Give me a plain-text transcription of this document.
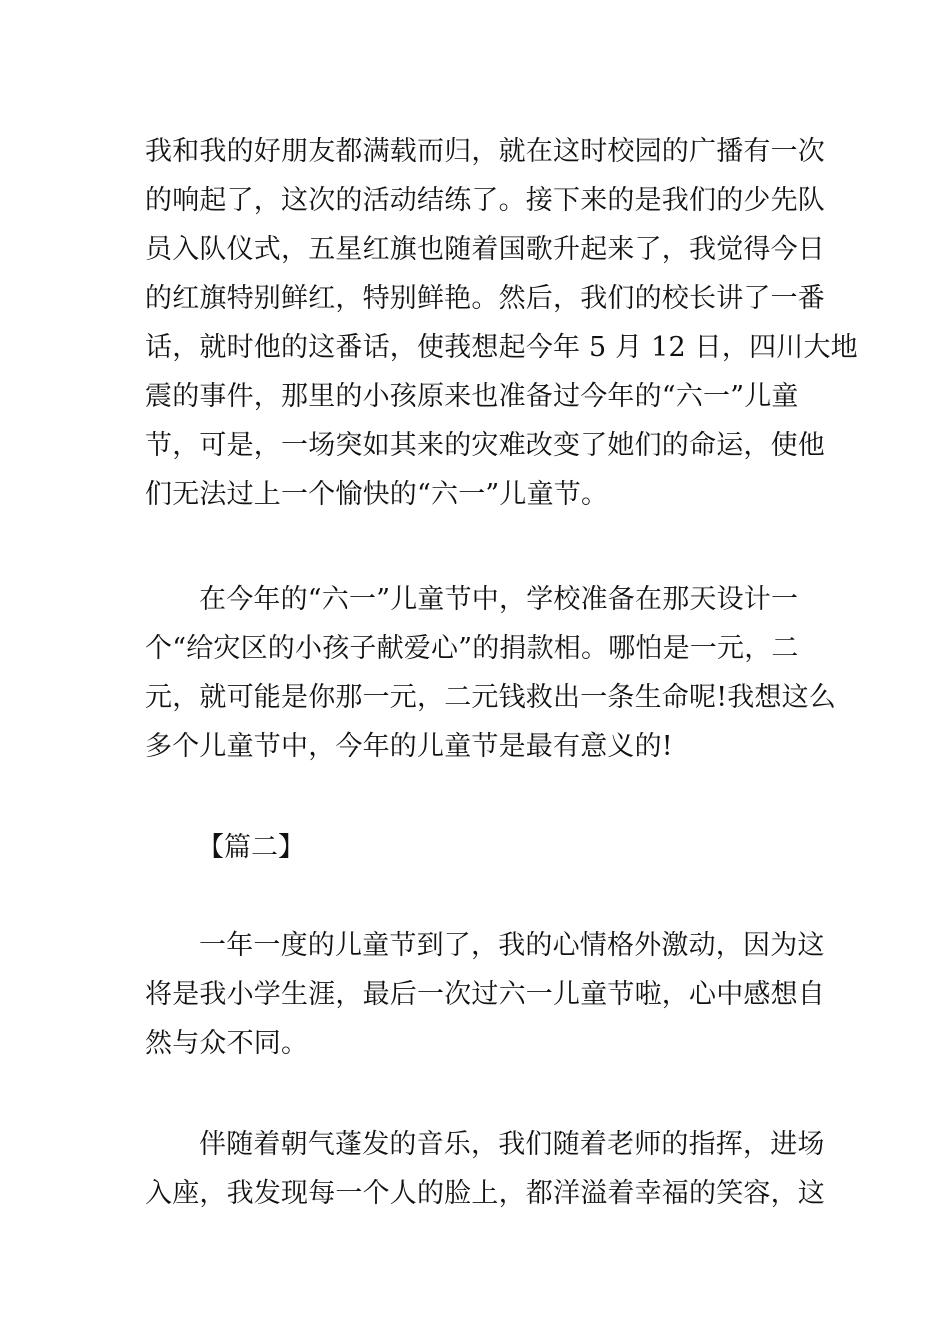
我和我的好朋友都满载而归，就在这时校园的广播有一次
的响起了，这次的活动结练了。接下来的是我们的少先队
员入队仪式，五星红旗也随着国歌升起来了，我觉得今日
的红旗特别鲜红，特别鲜艳。然后，我们的校长讲了一番
话，就时他的这番话，使莪想起今年 5 月 12 日，四川大地
震的事件，那里的小孩原来也准备过今年的“六一”儿童
节，可是，一场突如其来的灾难改变了她们的命运，使他
们无法过上一个愉快的“六一”儿童节。
在今年的“六一”儿童节中，学校准备在那天设计一
个“给灾区的小孩子献爱心”的捐款相。哪怕是一元，二
元，就可能是你那一元，二元钱救出一条生命呢!我想这么
多个儿童节中，今年的儿童节是最有意义的!
【篇二】
一年一度的儿童节到了，我的心情格外激动，因为这
将是我小学生涯，最后一次过六一儿童节啦，心中感想自
然与众不同。
伴随着朝气蓬发的音乐，我们随着老师的指挥，进场
入座，我发现每一个人的脸上，都洋溢着幸福的笑容，这
